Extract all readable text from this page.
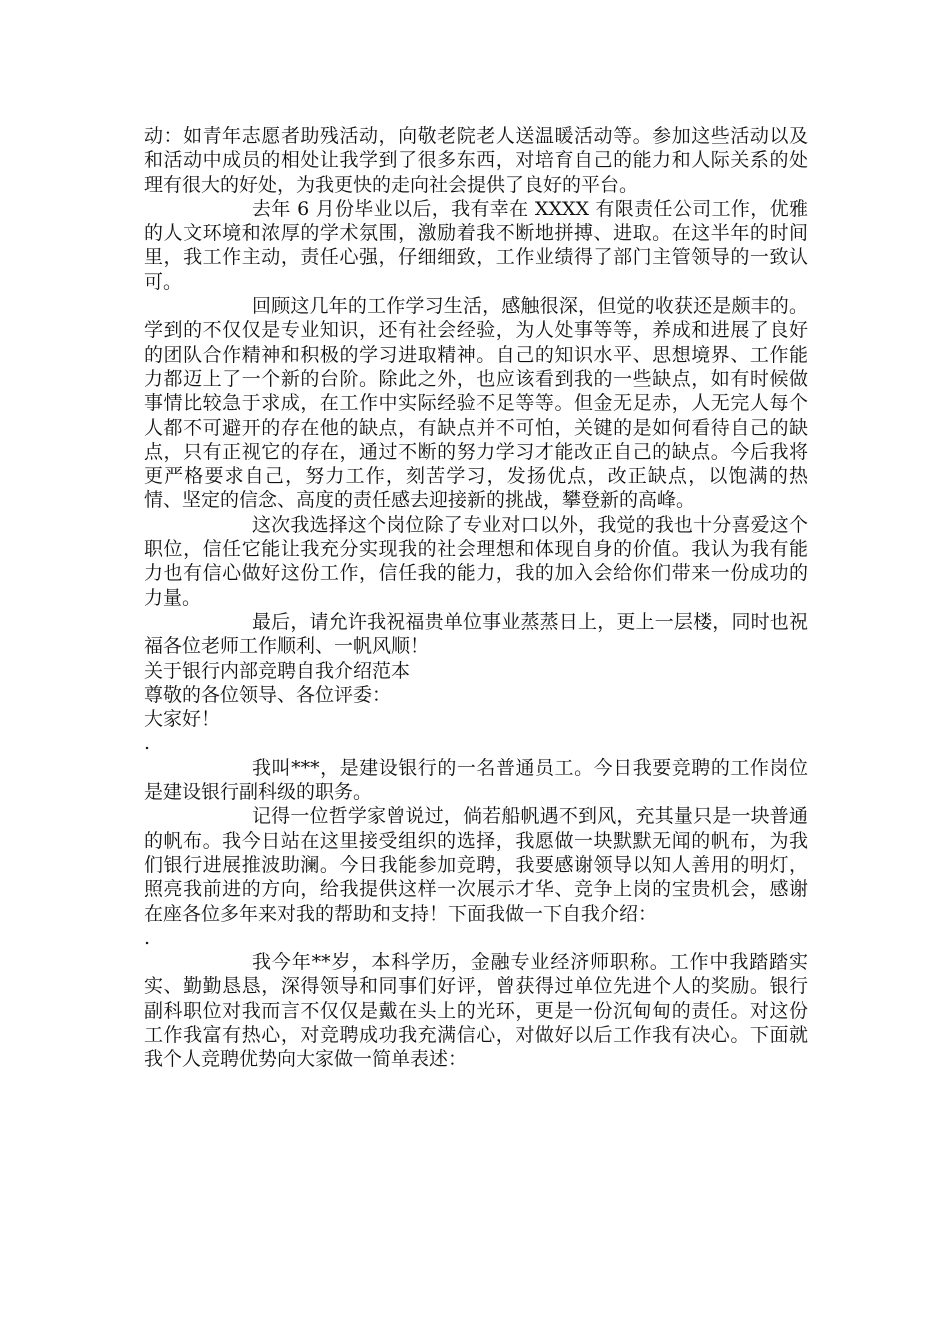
动：如青年志愿者助残活动，向敬老院老人送温暖活动等。参加这些活动以及和活动中成员的相处让我学到了很多东西，对培育自己的能力和人际关系的处理有很大的好处，为我更快的走向社会提供了良好的平台。

去年 6 月份毕业以后，我有幸在 XXXX 有限责任公司工作，优雅的人文环境和浓厚的学术氛围，激励着我不断地拼搏、进取。在这半年的时间里，我工作主动，责任心强，仔细细致，工作业绩得了部门主管领导的一致认可。

回顾这几年的工作学习生活，感触很深，但觉的收获还是颇丰的。学到的不仅仅是专业知识，还有社会经验，为人处事等等，养成和进展了良好的团队合作精神和积极的学习进取精神。自己的知识水平、思想境界、工作能力都迈上了一个新的台阶。除此之外，也应该看到我的一些缺点，如有时候做事情比较急于求成，在工作中实际经验不足等等。但金无足赤，人无完人每个人都不可避开的存在他的缺点，有缺点并不可怕，关键的是如何看待自己的缺点，只有正视它的存在，通过不断的努力学习才能改正自己的缺点。今后我将更严格要求自己，努力工作，刻苦学习，发扬优点，改正缺点，以饱满的热情、坚定的信念、高度的责任感去迎接新的挑战，攀登新的高峰。

这次我选择这个岗位除了专业对口以外，我觉的我也十分喜爱这个职位，信任它能让我充分实现我的社会理想和体现自身的价值。我认为我有能力也有信心做好这份工作，信任我的能力，我的加入会给你们带来一份成功的力量。

最后，请允许我祝福贵单位事业蒸蒸日上，更上一层楼，同时也祝福各位老师工作顺利、一帆风顺！

关于银行内部竞聘自我介绍范本

尊敬的各位领导、各位评委：

大家好！

.

我叫***，是建设银行的一名普通员工。今日我要竞聘的工作岗位是建设银行副科级的职务。

记得一位哲学家曾说过，倘若船帆遇不到风，充其量只是一块普通的帆布。我今日站在这里接受组织的选择，我愿做一块默默无闻的帆布，为我们银行进展推波助澜。今日我能参加竞聘，我要感谢领导以知人善用的明灯，照亮我前进的方向，给我提供这样一次展示才华、竞争上岗的宝贵机会，感谢在座各位多年来对我的帮助和支持！下面我做一下自我介绍：

.

我今年**岁，本科学历，金融专业经济师职称。工作中我踏踏实实、勤勤恳恳，深得领导和同事们好评，曾获得过单位先进个人的奖励。银行副科职位对我而言不仅仅是戴在头上的光环，更是一份沉甸甸的责任。对这份工作我富有热心，对竞聘成功我充满信心，对做好以后工作我有决心。下面就我个人竞聘优势向大家做一简单表述：
